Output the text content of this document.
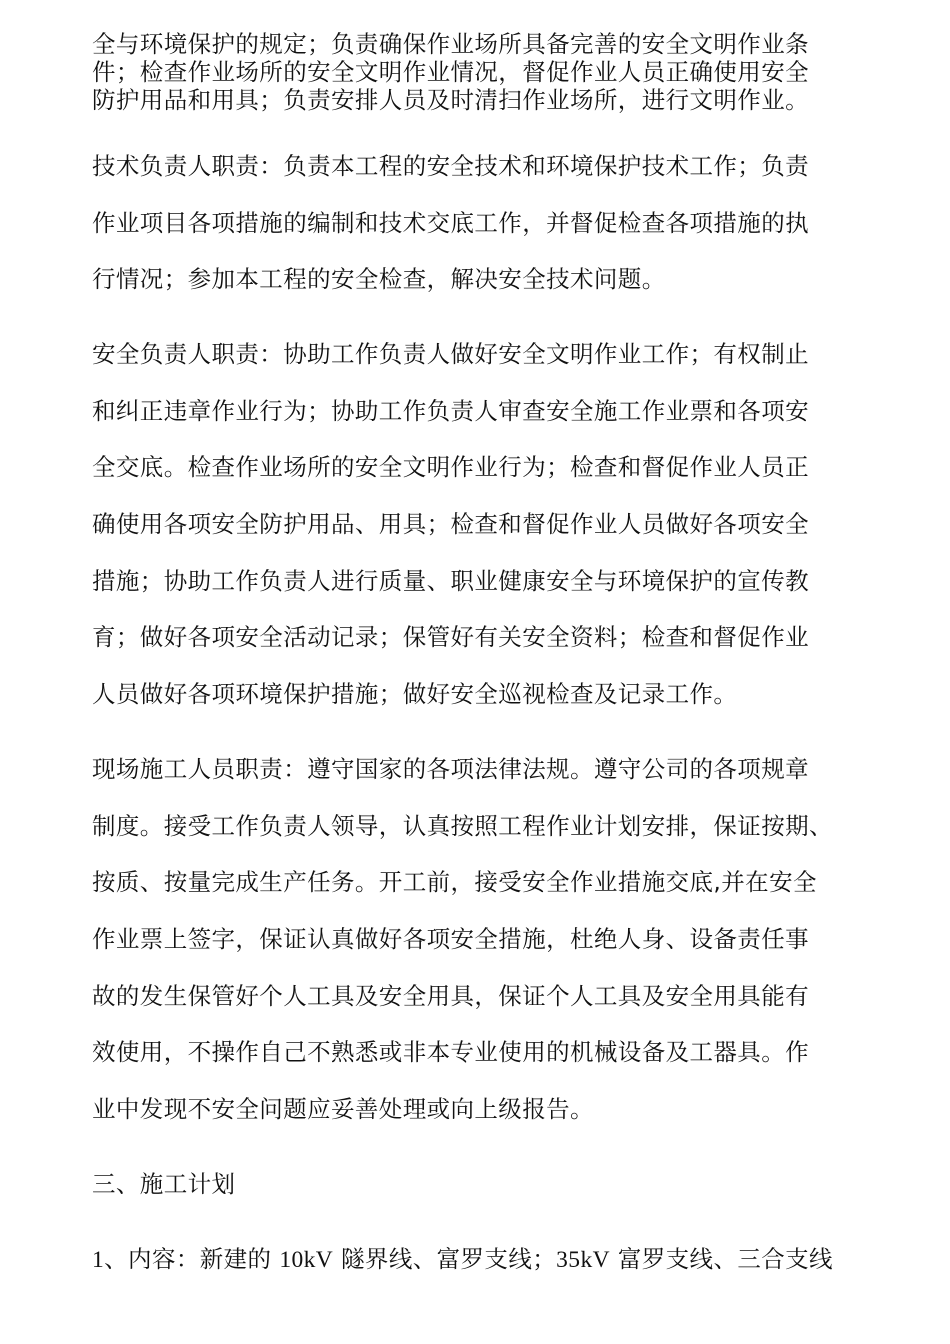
全与环境保护的规定；负责确保作业场所具备完善的安全文明作业条
件；检查作业场所的安全文明作业情况，督促作业人员正确使用安全
防护用品和用具；负责安排人员及时清扫作业场所，进行文明作业。
技术负责人职责：负责本工程的安全技术和环境保护技术工作；负责
作业项目各项措施的编制和技术交底工作，并督促检查各项措施的执
行情况；参加本工程的安全检查，解决安全技术问题。
安全负责人职责：协助工作负责人做好安全文明作业工作；有权制止
和纠正违章作业行为；协助工作负责人审查安全施工作业票和各项安
全交底。检查作业场所的安全文明作业行为；检查和督促作业人员正
确使用各项安全防护用品、用具；检查和督促作业人员做好各项安全
措施；协助工作负责人进行质量、职业健康安全与环境保护的宣传教
育；做好各项安全活动记录；保管好有关安全资料；检查和督促作业
人员做好各项环境保护措施；做好安全巡视检查及记录工作。
现场施工人员职责：遵守国家的各项法律法规。遵守公司的各项规章
制度。接受工作负责人领导，认真按照工程作业计划安排，保证按期、
按质、按量完成生产任务。开工前，接受安全作业措施交底,并在安全
作业票上签字，保证认真做好各项安全措施，杜绝人身、设备责任事
故的发生保管好个人工具及安全用具，保证个人工具及安全用具能有
效使用，不操作自己不熟悉或非本专业使用的机械设备及工器具。作
业中发现不安全问题应妥善处理或向上级报告。
三、施工计划
1、内容：新建的 10kV 隧界线、富罗支线；35kV 富罗支线、三合支线
